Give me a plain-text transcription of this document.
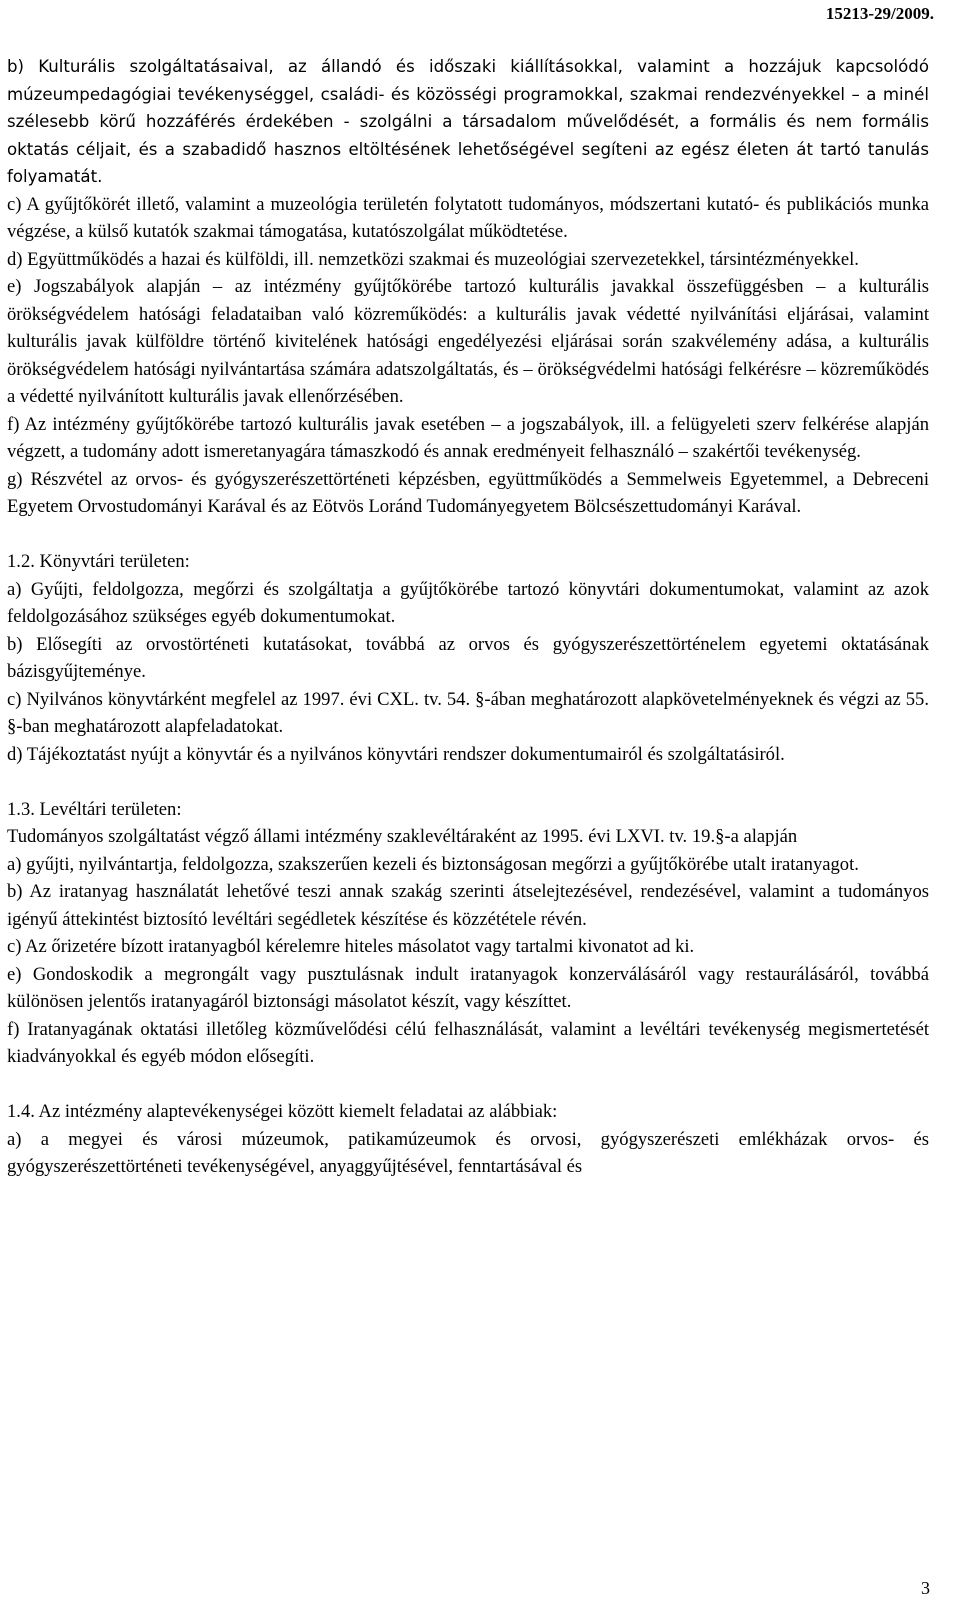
15213-29/2009.

b) Kulturális szolgáltatásaival, az állandó és időszaki kiállításokkal, valamint a hozzájuk kapcsolódó múzeumpedagógiai tevékenységgel, családi- és közösségi programokkal, szakmai rendezvényekkel – a minél szélesebb körű hozzáférés érdekében - szolgálni a társadalom művelődését, a formális és nem formális oktatás céljait, és a szabadidő hasznos eltöltésének lehetőségével segíteni az egész életen át tartó tanulás folyamatát.

c) A gyűjtőkörét illető, valamint a muzeológia területén folytatott tudományos, módszertani kutató- és publikációs munka végzése, a külső kutatók szakmai támogatása, kutatószolgálat működtetése.

d) Együttműködés a hazai és külföldi, ill. nemzetközi szakmai és muzeológiai szervezetekkel, társintézményekkel.

e) Jogszabályok alapján – az intézmény gyűjtőkörébe tartozó kulturális javakkal összefüggésben – a kulturális örökségvédelem hatósági feladataiban való közreműködés: a kulturális javak védetté nyilvánítási eljárásai, valamint kulturális javak külföldre történő kivitelének hatósági engedélyezési eljárásai során szakvélemény adása, a kulturális örökségvédelem hatósági nyilvántartása számára adatszolgáltatás, és – örökségvédelmi hatósági felkérésre – közreműködés a védetté nyilvánított kulturális javak ellenőrzésében.

f) Az intézmény gyűjtőkörébe tartozó kulturális javak esetében – a jogszabályok, ill. a felügyeleti szerv felkérése alapján végzett, a tudomány adott ismeretanyagára támaszkodó és annak eredményeit felhasználó – szakértői tevékenység.

g) Részvétel az orvos- és gyógyszerészettörténeti képzésben, együttműködés a Semmelweis Egyetemmel, a Debreceni Egyetem Orvostudományi Karával és az Eötvös Loránd Tudományegyetem Bölcsészettudományi Karával.

1.2. Könyvtári területen:

a) Gyűjti, feldolgozza, megőrzi és szolgáltatja a gyűjtőkörébe tartozó könyvtári dokumentumokat, valamint az azok feldolgozásához szükséges egyéb dokumentumokat.

b) Elősegíti az orvostörténeti kutatásokat, továbbá az orvos és gyógyszerészettörténelem egyetemi oktatásának bázisgyűjteménye.

c) Nyilvános könyvtárként megfelel az 1997. évi CXL. tv. 54. §-ában meghatározott alapkövetelményeknek és végzi az 55. §-ban meghatározott alapfeladatokat.

d) Tájékoztatást nyújt a könyvtár és a nyilvános könyvtári rendszer dokumentumairól és szolgáltatásiról.

1.3. Levéltári területen:

Tudományos szolgáltatást végző állami intézmény szaklevéltáraként az 1995. évi LXVI. tv. 19.§-a alapján

a) gyűjti, nyilvántartja, feldolgozza, szakszerűen kezeli és biztonságosan megőrzi a gyűjtőkörébe utalt iratanyagot.

b) Az iratanyag használatát lehetővé teszi annak szakág szerinti átselejtezésével, rendezésével, valamint a tudományos igényű áttekintést biztosító levéltári segédletek készítése és közzététele révén.

c) Az őrizetére bízott iratanyagból kérelemre hiteles másolatot vagy tartalmi kivonatot ad ki.

e) Gondoskodik a megrongált vagy pusztulásnak indult iratanyagok konzerválásáról vagy restaurálásáról, továbbá különösen jelentős iratanyagáról biztonsági másolatot készít, vagy készíttet.

f) Iratanyagának oktatási illetőleg közművelődési célú felhasználását, valamint a levéltári tevékenység megismertetését kiadványokkal és egyéb módon elősegíti.

1.4. Az intézmény alaptevékenységei között kiemelt feladatai az alábbiak:

a) a megyei és városi múzeumok, patikamúzeumok és orvosi, gyógyszerészeti emlékházak orvos- és gyógyszerészettörténeti tevékenységével, anyaggyűjtésével, fenntartásával és

3
